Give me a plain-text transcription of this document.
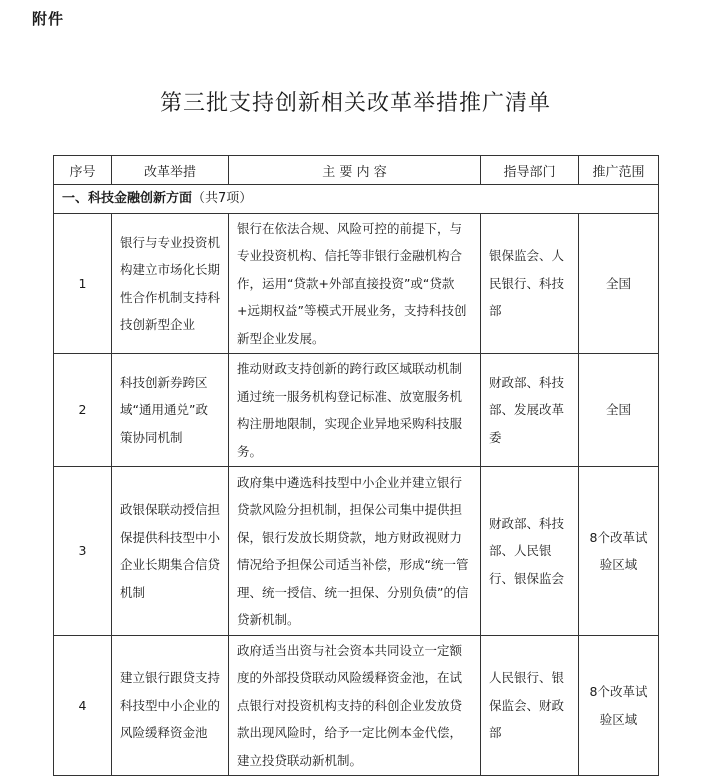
附件
第三批支持创新相关改革举措推广清单
序号	改革举措	主 要 内 容	指导部门	推广范围
一、科技金融创新方面（共7项）				
1	银行与专业投资机构建立市场化长期性合作机制支持科技创新型企业	银行在依法合规、风险可控的前提下，与专业投资机构、信托等非银行金融机构合作，运用“贷款+外部直接投资”或“贷款+远期权益”等模式开展业务，支持科技创新型企业发展。	银保监会、人民银行、科技部	全国
2	科技创新券跨区域“通用通兑”政策协同机制	推动财政支持创新的跨行政区域联动机制通过统一服务机构登记标准、放宽服务机构注册地限制，实现企业异地采购科技服务。	财政部、科技部、发展改革委	全国
3	政银保联动授信担保提供科技型中小企业长期集合信贷机制	政府集中遴选科技型中小企业并建立银行贷款风险分担机制，担保公司集中提供担保，银行发放长期贷款，地方财政视财力情况给予担保公司适当补偿，形成“统一管理、统一授信、统一担保、分别负债”的信贷新机制。	财政部、科技部、人民银行、银保监会	8个改革试验区域
4	建立银行跟贷支持科技型中小企业的风险缓释资金池	政府适当出资与社会资本共同设立一定额度的外部投贷联动风险缓释资金池，在试点银行对投资机构支持的科创企业发放贷款出现风险时，给予一定比例本金代偿，建立投贷联动新机制。	人民银行、银保监会、财政部	8个改革试验区域
